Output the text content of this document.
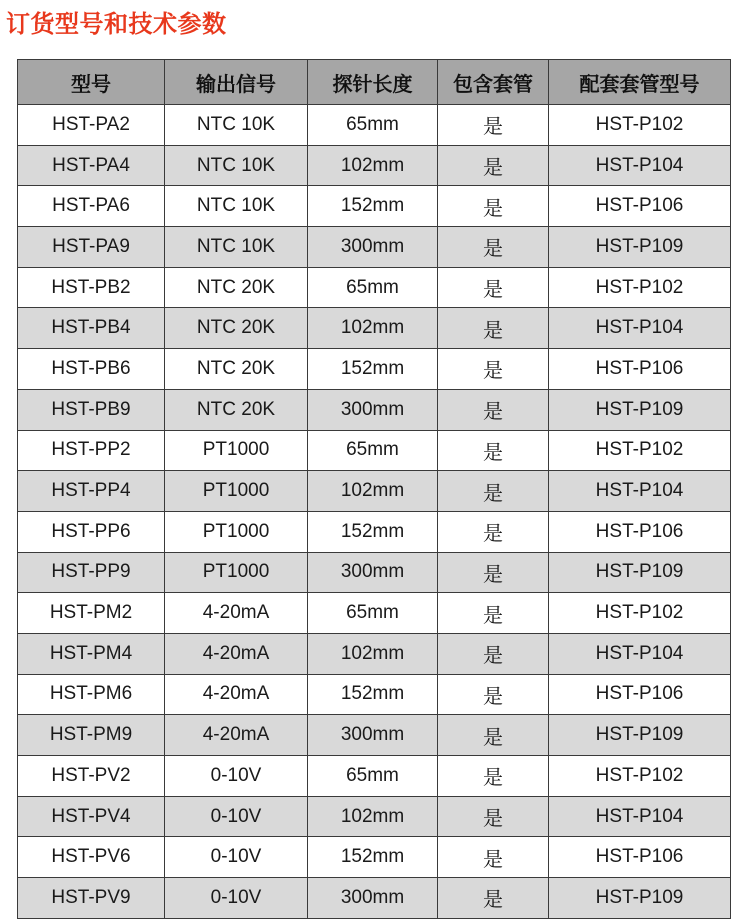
订货型号和技术参数
型号	输出信号	探针长度	包含套管	配套套管型号
HST-PA2	NTC 10K	65mm	是	HST-P102
HST-PA4	NTC 10K	102mm	是	HST-P104
HST-PA6	NTC 10K	152mm	是	HST-P106
HST-PA9	NTC 10K	300mm	是	HST-P109
HST-PB2	NTC 20K	65mm	是	HST-P102
HST-PB4	NTC 20K	102mm	是	HST-P104
HST-PB6	NTC 20K	152mm	是	HST-P106
HST-PB9	NTC 20K	300mm	是	HST-P109
HST-PP2	PT1000	65mm	是	HST-P102
HST-PP4	PT1000	102mm	是	HST-P104
HST-PP6	PT1000	152mm	是	HST-P106
HST-PP9	PT1000	300mm	是	HST-P109
HST-PM2	4-20mA	65mm	是	HST-P102
HST-PM4	4-20mA	102mm	是	HST-P104
HST-PM6	4-20mA	152mm	是	HST-P106
HST-PM9	4-20mA	300mm	是	HST-P109
HST-PV2	0-10V	65mm	是	HST-P102
HST-PV4	0-10V	102mm	是	HST-P104
HST-PV6	0-10V	152mm	是	HST-P106
HST-PV9	0-10V	300mm	是	HST-P109
